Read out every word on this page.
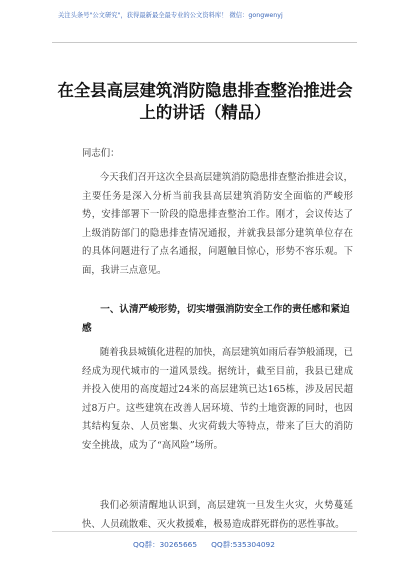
关注头条号"公文研究"，获得最新最全最专业的公文资料库！ 微信：gongwenyj
在全县高层建筑消防隐患排查整治推进会上的讲话（精品）
同志们：

今天我们召开这次全县高层建筑消防隐患排查整治推进会议，主要任务是深入分析当前我县高层建筑消防安全面临的严峻形势，安排部署下一阶段的隐患排查整治工作。刚才，会议传达了上级消防部门的隐患排查情况通报，并就我县部分建筑单位存在的具体问题进行了点名通报，问题触目惊心，形势不容乐观。下面，我讲三点意见。

一、认清严峻形势，切实增强消防安全工作的责任感和紧迫感

随着我县城镇化进程的加快，高层建筑如雨后春笋般涌现，已经成为现代城市的一道风景线。据统计，截至目前，我县已建成并投入使用的高度超过24米的高层建筑已达165栋，涉及居民超过8万户。这些建筑在改善人居环境、节约土地资源的同时，也因其结构复杂、人员密集、火灾荷载大等特点，带来了巨大的消防安全挑战，成为了“高风险”场所。

我们必须清醒地认识到，高层建筑一旦发生火灾，火势蔓延快、人员疏散难、灭火救援难，极易造成群死群伤的恶性事故。

QQ群：30265665 QQ群:535304092
